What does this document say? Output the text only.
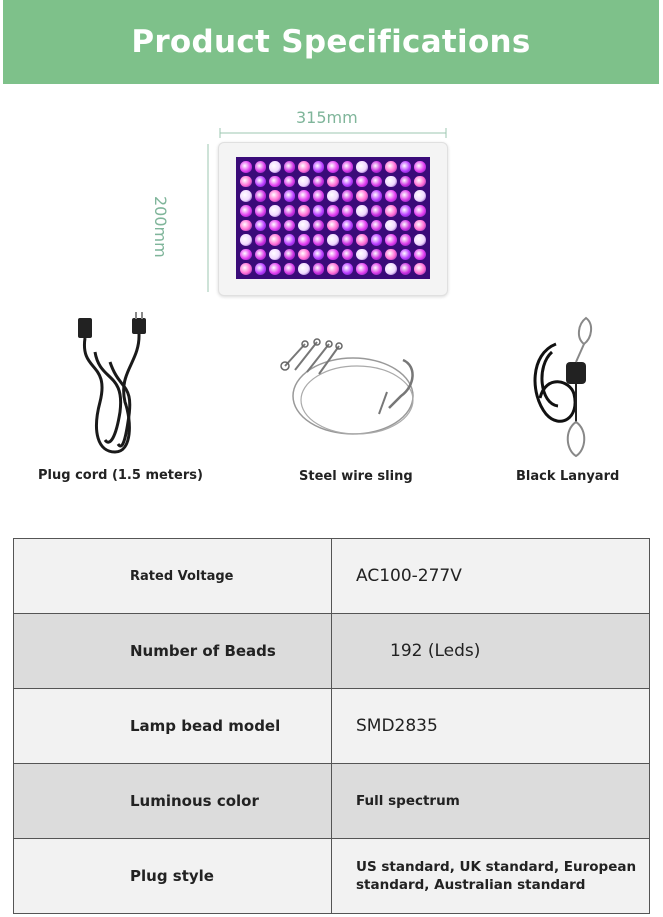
Product Specifications
315mm
200mm
Plug cord (1.5 meters)	Steel wire sling	Black Lanyard
Rated Voltage	AC100-277V
Number of Beads	192 (Leds)
Lamp bead model	SMD2835
Luminous color	Full spectrum
Plug style	US standard, UK standard, European standard, Australian standard
